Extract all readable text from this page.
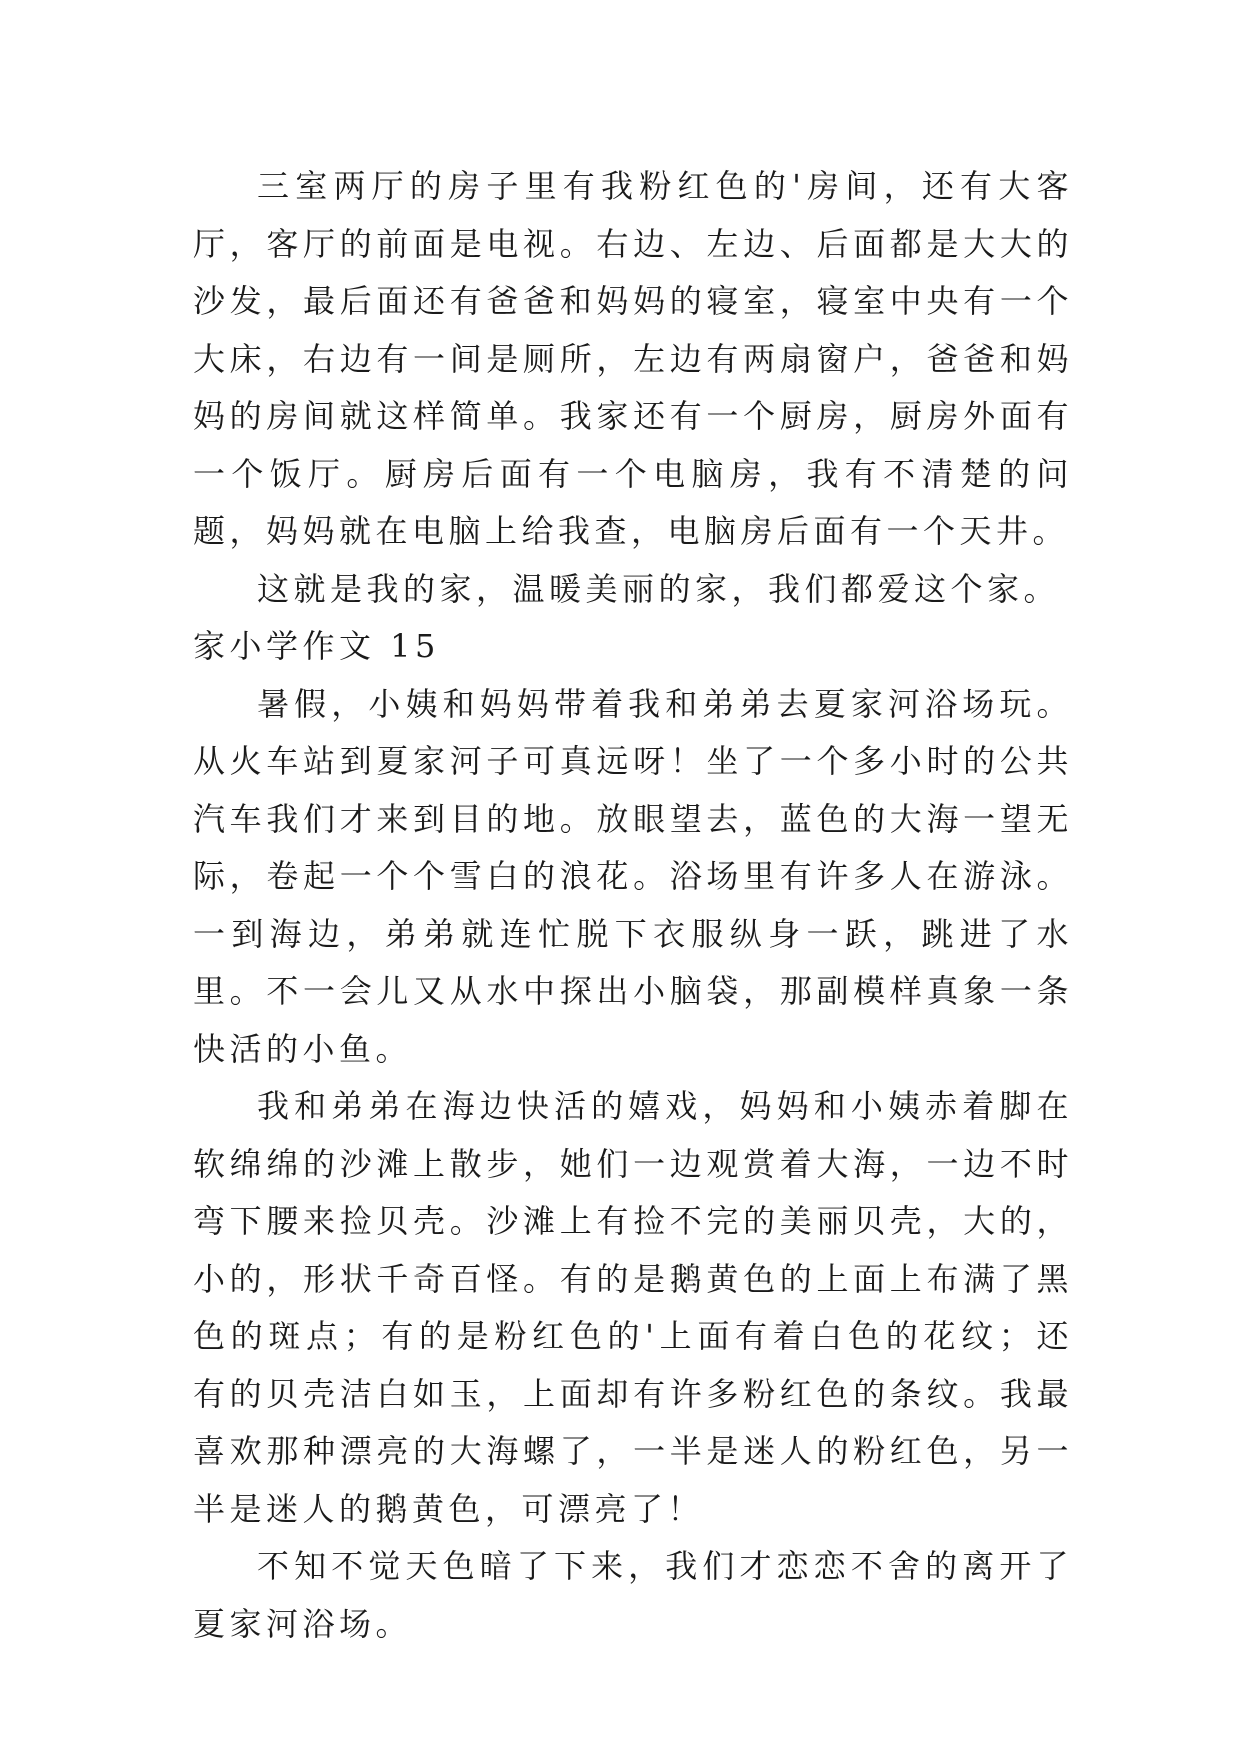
三室两厅的房子里有我粉红色的'房间，还有大客厅，客厅的前面是电视。右边、左边、后面都是大大的沙发，最后面还有爸爸和妈妈的寝室，寝室中央有一个大床，右边有一间是厕所，左边有两扇窗户，爸爸和妈妈的房间就这样简单。我家还有一个厨房，厨房外面有一个饭厅。厨房后面有一个电脑房，我有不清楚的问题，妈妈就在电脑上给我查，电脑房后面有一个天井。

这就是我的家，温暖美丽的家，我们都爱这个家。

家小学作文 15

暑假，小姨和妈妈带着我和弟弟去夏家河浴场玩。从火车站到夏家河子可真远呀！坐了一个多小时的公共汽车我们才来到目的地。放眼望去，蓝色的大海一望无际，卷起一个个雪白的浪花。浴场里有许多人在游泳。一到海边，弟弟就连忙脱下衣服纵身一跃，跳进了水里。不一会儿又从水中探出小脑袋，那副模样真象一条快活的小鱼。

我和弟弟在海边快活的嬉戏，妈妈和小姨赤着脚在软绵绵的沙滩上散步，她们一边观赏着大海，一边不时弯下腰来捡贝壳。沙滩上有捡不完的美丽贝壳，大的，小的，形状千奇百怪。有的是鹅黄色的上面上布满了黑色的斑点；有的是粉红色的'上面有着白色的花纹；还有的贝壳洁白如玉，上面却有许多粉红色的条纹。我最喜欢那种漂亮的大海螺了，一半是迷人的粉红色，另一半是迷人的鹅黄色，可漂亮了！

不知不觉天色暗了下来，我们才恋恋不舍的离开了夏家河浴场。
